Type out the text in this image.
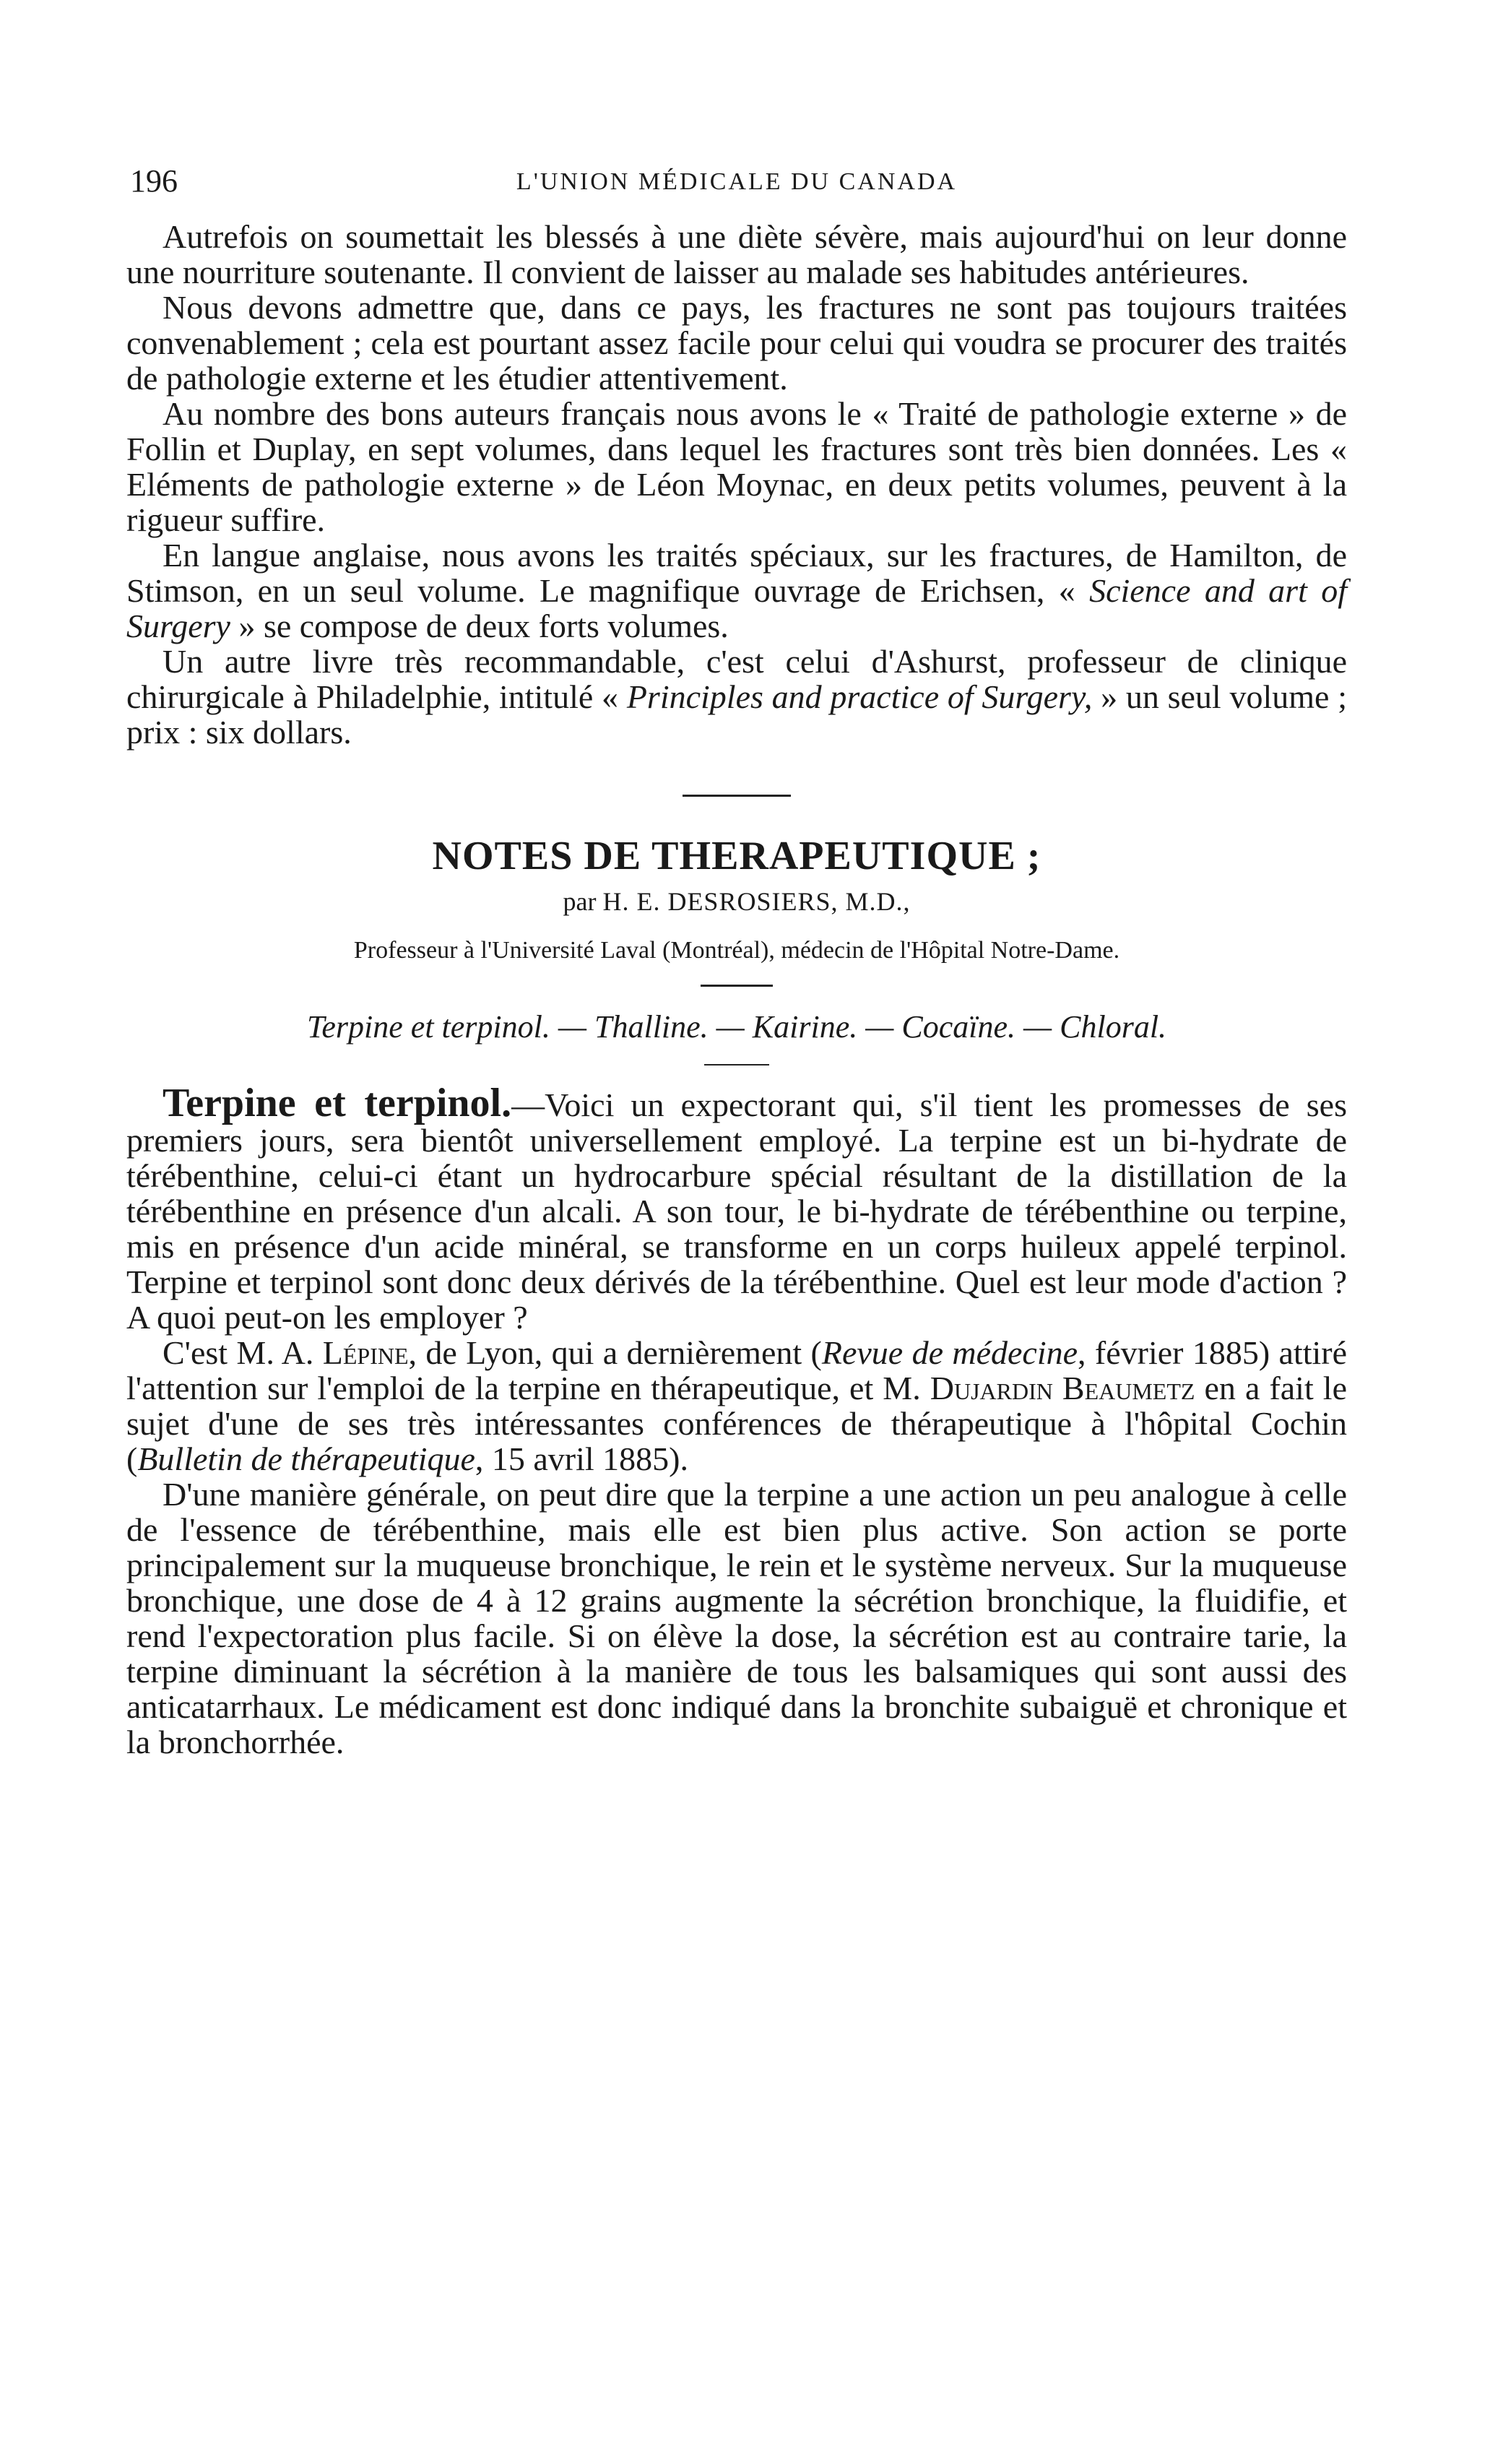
196	L'UNION MÉDICALE DU CANADA

Autrefois on soumettait les blessés à une diète sévère, mais aujourd'hui on leur donne une nourriture soutenante. Il convient de laisser au malade ses habitudes antérieures.

Nous devons admettre que, dans ce pays, les fractures ne sont pas toujours traitées convenablement ; cela est pourtant assez facile pour celui qui voudra se procurer des traités de pathologie externe et les étudier attentivement.

Au nombre des bons auteurs français nous avons le « Traité de pathologie externe » de Follin et Duplay, en sept volumes, dans lequel les fractures sont très bien données. Les « Eléments de pathologie externe » de Léon Moynac, en deux petits volumes, peuvent à la rigueur suffire.

En langue anglaise, nous avons les traités spéciaux, sur les fractures, de Hamilton, de Stimson, en un seul volume. Le magnifique ouvrage de Erichsen, « Science and art of Surgery » se compose de deux forts volumes.

Un autre livre très recommandable, c'est celui d'Ashurst, professeur de clinique chirurgicale à Philadelphie, intitulé « Principles and practice of Surgery, » un seul volume ; prix : six dollars.

NOTES DE THERAPEUTIQUE ;
par H. E. DESROSIERS, M.D.,
Professeur à l'Université Laval (Montréal), médecin de l'Hôpital Notre-Dame.
Terpine et terpinol. — Thalline. — Kairine. — Cocaïne. — Chloral.

Terpine et terpinol.—Voici un expectorant qui, s'il tient les promesses de ses premiers jours, sera bientôt universellement employé. La terpine est un bi-hydrate de térébenthine, celui-ci étant un hydrocarbure spécial résultant de la distillation de la térébenthine en présence d'un alcali. A son tour, le bi-hydrate de térébenthine ou terpine, mis en présence d'un acide minéral, se transforme en un corps huileux appelé terpinol. Terpine et terpinol sont donc deux dérivés de la térébenthine. Quel est leur mode d'action ? A quoi peut-on les employer ?

C'est M. A. Lépine, de Lyon, qui a dernièrement (Revue de médecine, février 1885) attiré l'attention sur l'emploi de la terpine en thérapeutique, et M. Dujardin Beaumetz en a fait le sujet d'une de ses très intéressantes conférences de thérapeutique à l'hôpital Cochin (Bulletin de thérapeutique, 15 avril 1885).

D'une manière générale, on peut dire que la terpine a une action un peu analogue à celle de l'essence de térébenthine, mais elle est bien plus active. Son action se porte principalement sur la muqueuse bronchique, le rein et le système nerveux. Sur la muqueuse bronchique, une dose de 4 à 12 grains augmente la sécrétion bronchique, la fluidifie, et rend l'expectoration plus facile. Si on élève la dose, la sécrétion est au contraire tarie, la terpine diminuant la sécrétion à la manière de tous les balsamiques qui sont aussi des anticatarrhaux. Le médicament est donc indiqué dans la bronchite subaiguë et chronique et la bronchorrhée.
